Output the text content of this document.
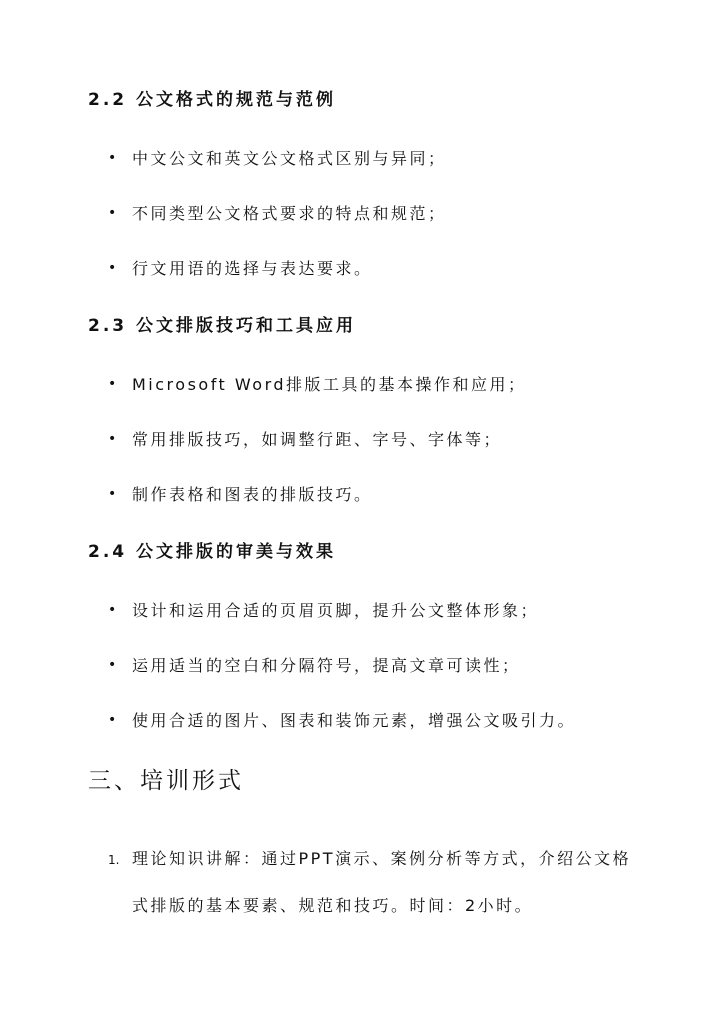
2.2 公文格式的规范与范例
• 中文公文和英文公文格式区别与异同；
• 不同类型公文格式要求的特点和规范；
• 行文用语的选择与表达要求。
2.3 公文排版技巧和工具应用
• Microsoft Word排版工具的基本操作和应用；
• 常用排版技巧，如调整行距、字号、字体等；
• 制作表格和图表的排版技巧。
2.4 公文排版的审美与效果
• 设计和运用合适的页眉页脚，提升公文整体形象；
• 运用适当的空白和分隔符号，提高文章可读性；
• 使用合适的图片、图表和装饰元素，增强公文吸引力。
三、培训形式
1. 理论知识讲解：通过PPT演示、案例分析等方式，介绍公文格
式排版的基本要素、规范和技巧。时间：2小时。
